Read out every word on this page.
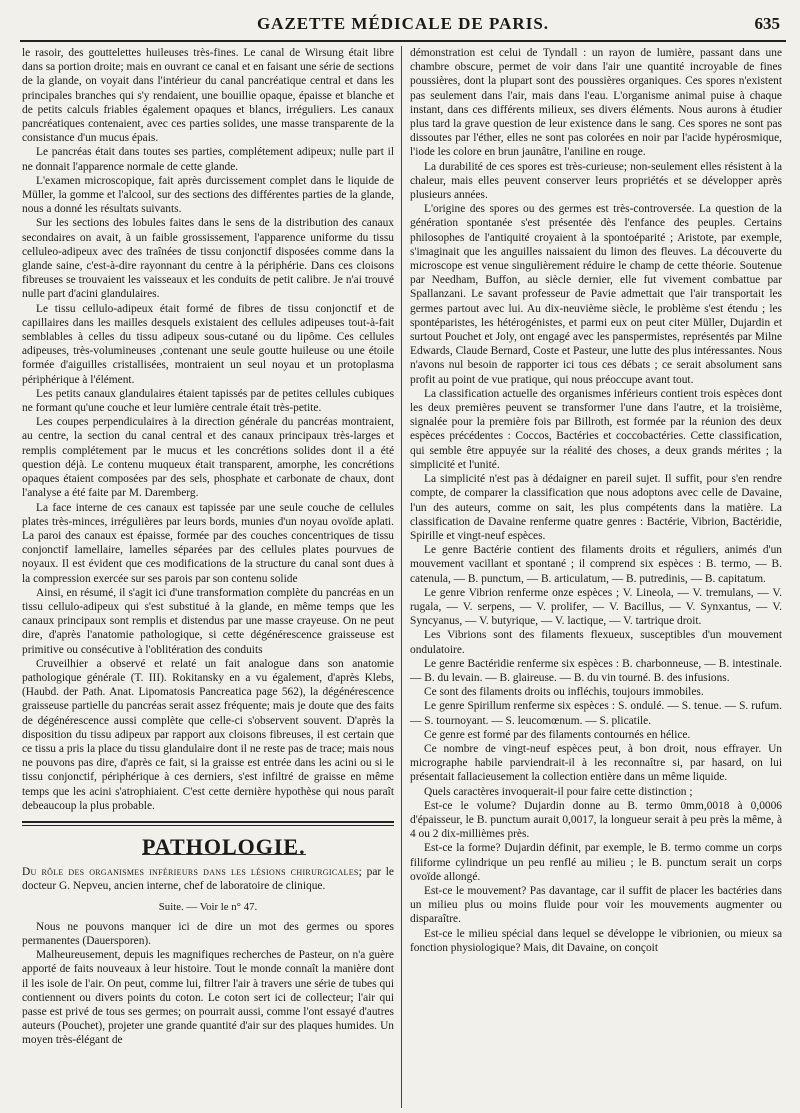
GAZETTE MÉDICALE DE PARIS.	635

le rasoir, des gouttelettes huileuses très-fines. Le canal de Wirsung était libre dans sa portion droite; mais en ouvrant ce canal et en faisant une série de sections de la glande, on voyait dans l'intérieur du canal pancréatique central et dans les principales branches qui s'y rendaient, une bouillie opaque, épaisse et blanche et de petits calculs friables également opaques et blancs, irréguliers. Les canaux pancréatiques contenaient, avec ces parties solides, une masse transparente de la consistance d'un mucus épais.

Le pancréas était dans toutes ses parties, complétement adipeux; nulle part il ne donnait l'apparence normale de cette glande.

L'examen microscopique, fait après durcissement complet dans le liquide de Müller, la gomme et l'alcool, sur des sections des différentes parties de la glande, nous a donné les résultats suivants.

Sur les sections des lobules faites dans le sens de la distribution des canaux secondaires on avait, à un faible grossissement, l'apparence uniforme du tissu celluleo-adipeux avec des traînées de tissu conjonctif disposées comme dans la glande saine, c'est-à-dire rayonnant du centre à la périphérie. Dans ces cloisons fibreuses se trouvaient les vaisseaux et les conduits de petit calibre. Je n'ai trouvé nulle part d'acini glandulaires.

Le tissu cellulo-adipeux était formé de fibres de tissu conjonctif et de capillaires dans les mailles desquels existaient des cellules adipeuses tout-à-fait semblables à celles du tissu adipeux sous-cutané ou du lipôme. Ces cellules adipeuses, très-volumineuses ,contenant une seule goutte huileuse ou une étoile formée d'aiguilles cristallisées, montraient un seul noyau et un protoplasma périphérique à l'élément.

Les petits canaux glandulaires étaient tapissés par de petites cellules cubiques ne formant qu'une couche et leur lumière centrale était très-petite.

Les coupes perpendiculaires à la direction générale du pancréas montraient, au centre, la section du canal central et des canaux principaux très-larges et remplis complétement par le mucus et les concrétions solides dont il a été question déjà. Le contenu muqueux était transparent, amorphe, les concrétions opaques étaient composées par des sels, phosphate et carbonate de chaux, dont l'analyse a été faite par M. Daremberg.

La face interne de ces canaux est tapissée par une seule couche de cellules plates très-minces, irrégulières par leurs bords, munies d'un noyau ovoïde aplati. La paroi des canaux est épaisse, formée par des couches concentriques de tissu conjonctif lamellaire, lamelles séparées par des cellules plates pourvues de noyaux. Il est évident que ces modifications de la structure du canal sont dues à la compression exercée sur ses parois par son contenu solide

Ainsi, en résumé, il s'agit ici d'une transformation complète du pancréas en un tissu cellulo-adipeux qui s'est substitué à la glande, en même temps que les canaux principaux sont remplis et distendus par une masse crayeuse. On ne peut dire, d'après l'anatomie pathologique, si cette dégénérescence graisseuse est primitive ou consécutive à l'oblitération des conduits

Cruveilhier a observé et relaté un fait analogue dans son anatomie pathologique générale (T. III). Rokitansky en a vu également, d'après Klebs, (Haubd. der Path. Anat. Lipomatosis Pancreatica page 562), la dégénérescence graisseuse partielle du pancréas serait assez fréquente; mais je doute que des faits de dégénérescence aussi complète que celle-ci s'observent souvent. D'après la disposition du tissu adipeux par rapport aux cloisons fibreuses, il est certain que ce tissu a pris la place du tissu glandulaire dont il ne reste pas de trace; mais nous ne pouvons pas dire, d'après ce fait, si la graisse est entrée dans les acini ou si le tissu conjonctif, périphérique à ces derniers, s'est infiltré de graisse en même temps que les acini s'atrophiaient. C'est cette dernière hypothèse qui nous paraît debeaucoup la plus probable.

PATHOLOGIE.

Du rôle des organismes inférieurs dans les lésions chirurgicales; par le docteur G. Nepveu, ancien interne, chef de laboratoire de clinique.

Suite. — Voir le n° 47.

Nous ne pouvons manquer ici de dire un mot des germes ou spores permanentes (Dauersporen).

Malheureusement, depuis les magnifiques recherches de Pasteur, on n'a guère apporté de faits nouveaux à leur histoire. Tout le monde connaît la manière dont il les isole de l'air. On peut, comme lui, filtrer l'air à travers une série de tubes qui contiennent ou divers points du coton. Le coton sert ici de collecteur; l'air qui passe est privé de tous ses germes; on pourrait aussi, comme l'ont essayé d'autres auteurs (Pouchet), projeter une grande quantité d'air sur des plaques humides. Un moyen très-élégant de

démonstration est celui de Tyndall : un rayon de lumière, passant dans une chambre obscure, permet de voir dans l'air une quantité incroyable de fines poussières, dont la plupart sont des poussières organiques. Ces spores n'existent pas seulement dans l'air, mais dans l'eau. L'organisme animal puise à chaque instant, dans ces différents milieux, ses divers éléments. Nous aurons à étudier plus tard la grave question de leur existence dans le sang. Ces spores ne sont pas dissoutes par l'éther, elles ne sont pas colorées en noir par l'acide hypérosmique, l'iode les colore en brun jaunâtre, l'aniline en rouge.

La durabilité de ces spores est très-curieuse; non-seulement elles résistent à la chaleur, mais elles peuvent conserver leurs propriétés et se développer après plusieurs années.

L'origine des spores ou des germes est très-controversée. La question de la génération spontanée s'est présentée dès l'enfance des peuples. Certains philosophes de l'antiquité croyaient à la spontoéparité ; Aristote, par exemple, s'imaginait que les anguilles naissaient du limon des fleuves. La découverte du microscope est venue singulièrement réduire le champ de cette théorie. Soutenue par Needham, Buffon, au siècle dernier, elle fut vivement combattue par Spallanzani. Le savant professeur de Pavie admettait que l'air transportait les germes partout avec lui. Au dix-neuvième siècle, le problème s'est étendu ; les spontéparistes, les hétérogénistes, et parmi eux on peut citer Müller, Dujardin et surtout Pouchet et Joly, ont engagé avec les panspermistes, représentés par Milne Edwards, Claude Bernard, Coste et Pasteur, une lutte des plus intéressantes. Nous n'avons nul besoin de rapporter ici tous ces débats ; ce serait absolument sans profit au point de vue pratique, qui nous préoccupe avant tout.

La classification actuelle des organismes inférieurs contient trois espèces dont les deux premières peuvent se transformer l'une dans l'autre, et la troisième, signalée pour la première fois par Billroth, est formée par la réunion des deux espèces précédentes : Coccos, Bactéries et coccobactéries. Cette classification, qui semble être appuyée sur la réalité des choses, a deux grands mérites ; la simplicité et l'unité.

La simplicité n'est pas à dédaigner en pareil sujet. Il suffit, pour s'en rendre compte, de comparer la classification que nous adoptons avec celle de Davaine, l'un des auteurs, comme on sait, les plus compétents dans la matière. La classification de Davaine renferme quatre genres : Bactérie, Vibrion, Bactéridie, Spirille et vingt-neuf espèces.

Le genre Bactérie contient des filaments droits et réguliers, animés d'un mouvement vacillant et spontané ; il comprend six espèces : B. termo, — B. catenula, — B. punctum, — B. articulatum, — B. putredinis, — B. capitatum.

Le genre Vibrion renferme onze espèces ; V. Lineola, — V. tremulans, — V. rugala, — V. serpens, — V. prolifer, — V. Bacillus, — V. Synxantus, — V. Syncyanus, — V. butyrique, — V. lactique, — V. tartrique droit.

Les Vibrions sont des filaments flexueux, susceptibles d'un mouvement ondulatoire.

Le genre Bactéridie renferme six espèces : B. charbonneuse, — B. intestinale. — B. du levain. — B. glaireuse. — B. du vin tourné. B. des infusions.

Ce sont des filaments droits ou infléchis, toujours immobiles.

Le genre Spirillum renferme six espèces : S. ondulé. — S. tenue. — S. rufum. — S. tournoyant. — S. leucomœnum. — S. plicatile.

Ce genre est formé par des filaments contournés en hélice.

Ce nombre de vingt-neuf espèces peut, à bon droit, nous effrayer. Un micrographe habile parviendrait-il à les reconnaître si, par hasard, on lui présentait fallacieusement la collection entière dans un même liquide.

Quels caractères invoquerait-il pour faire cette distinction ;

Est-ce le volume? Dujardin donne au B. termo 0mm,0018 à 0,0006 d'épaisseur, le B. punctum aurait 0,0017, la longueur serait à peu près la même, à 4 ou 2 dix-millièmes près.

Est-ce la forme? Dujardin définit, par exemple, le B. termo comme un corps filiforme cylindrique un peu renflé au milieu ; le B. punctum serait un corps ovoïde allongé.

Est-ce le mouvement? Pas davantage, car il suffit de placer les bactéries dans un milieu plus ou moins fluide pour voir les mouvements augmenter ou disparaître.

Est-ce le milieu spécial dans lequel se développe le vibrionien, ou mieux sa fonction physiologique? Mais, dit Davaine, on conçoit
